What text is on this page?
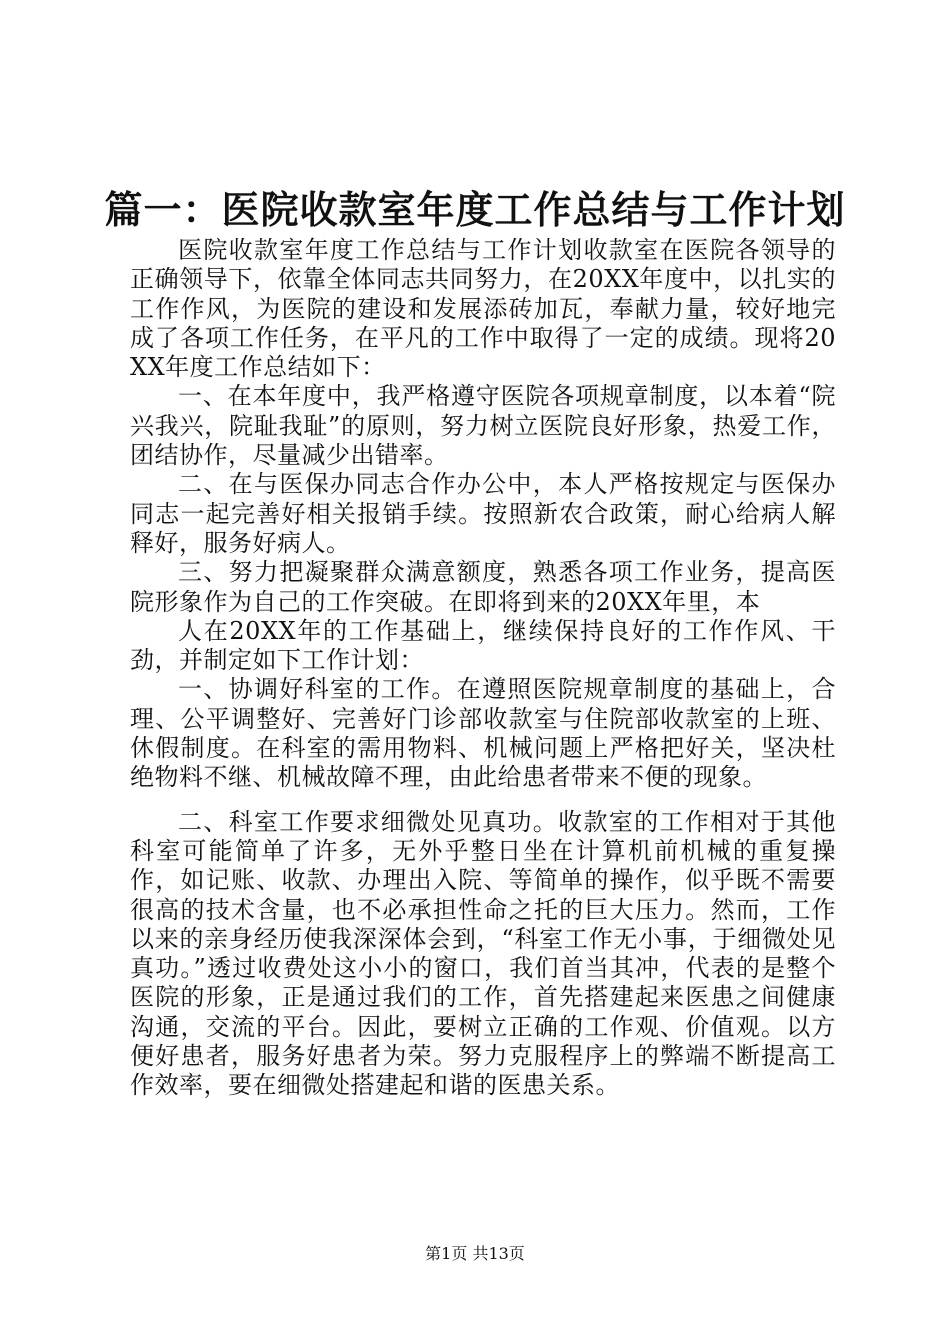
篇一：医院收款室年度工作总结与工作计划

医院收款室年度工作总结与工作计划收款室在医院各领导的正确领导下，依靠全体同志共同努力，在20XX年度中，以扎实的工作作风，为医院的建设和发展添砖加瓦，奉献力量，较好地完成了各项工作任务，在平凡的工作中取得了一定的成绩。现将20XX年度工作总结如下：

一、在本年度中，我严格遵守医院各项规章制度，以本着“院兴我兴，院耻我耻”的原则，努力树立医院良好形象，热爱工作，团结协作，尽量减少出错率。

二、在与医保办同志合作办公中，本人严格按规定与医保办同志一起完善好相关报销手续。按照新农合政策，耐心给病人解释好，服务好病人。

三、努力把凝聚群众满意额度，熟悉各项工作业务，提高医院形象作为自己的工作突破。在即将到来的20XX年里，本

人在20XX年的工作基础上，继续保持良好的工作作风、干劲，并制定如下工作计划：

一、协调好科室的工作。在遵照医院规章制度的基础上，合理、公平调整好、完善好门诊部收款室与住院部收款室的上班、休假制度。在科室的需用物料、机械问题上严格把好关，坚决杜绝物料不继、机械故障不理，由此给患者带来不便的现象。

二、科室工作要求细微处见真功。收款室的工作相对于其他科室可能简单了许多，无外乎整日坐在计算机前机械的重复操作，如记账、收款、办理出入院、等简单的操作，似乎既不需要很高的技术含量，也不必承担性命之托的巨大压力。然而，工作以来的亲身经历使我深深体会到，“科室工作无小事，于细微处见真功。”透过收费处这小小的窗口，我们首当其冲，代表的是整个医院的形象，正是通过我们的工作，首先搭建起来医患之间健康沟通，交流的平台。因此，要树立正确的工作观、价值观。以方便好患者，服务好患者为荣。努力克服程序上的弊端不断提高工作效率，要在细微处搭建起和谐的医患关系。

第1页 共13页
